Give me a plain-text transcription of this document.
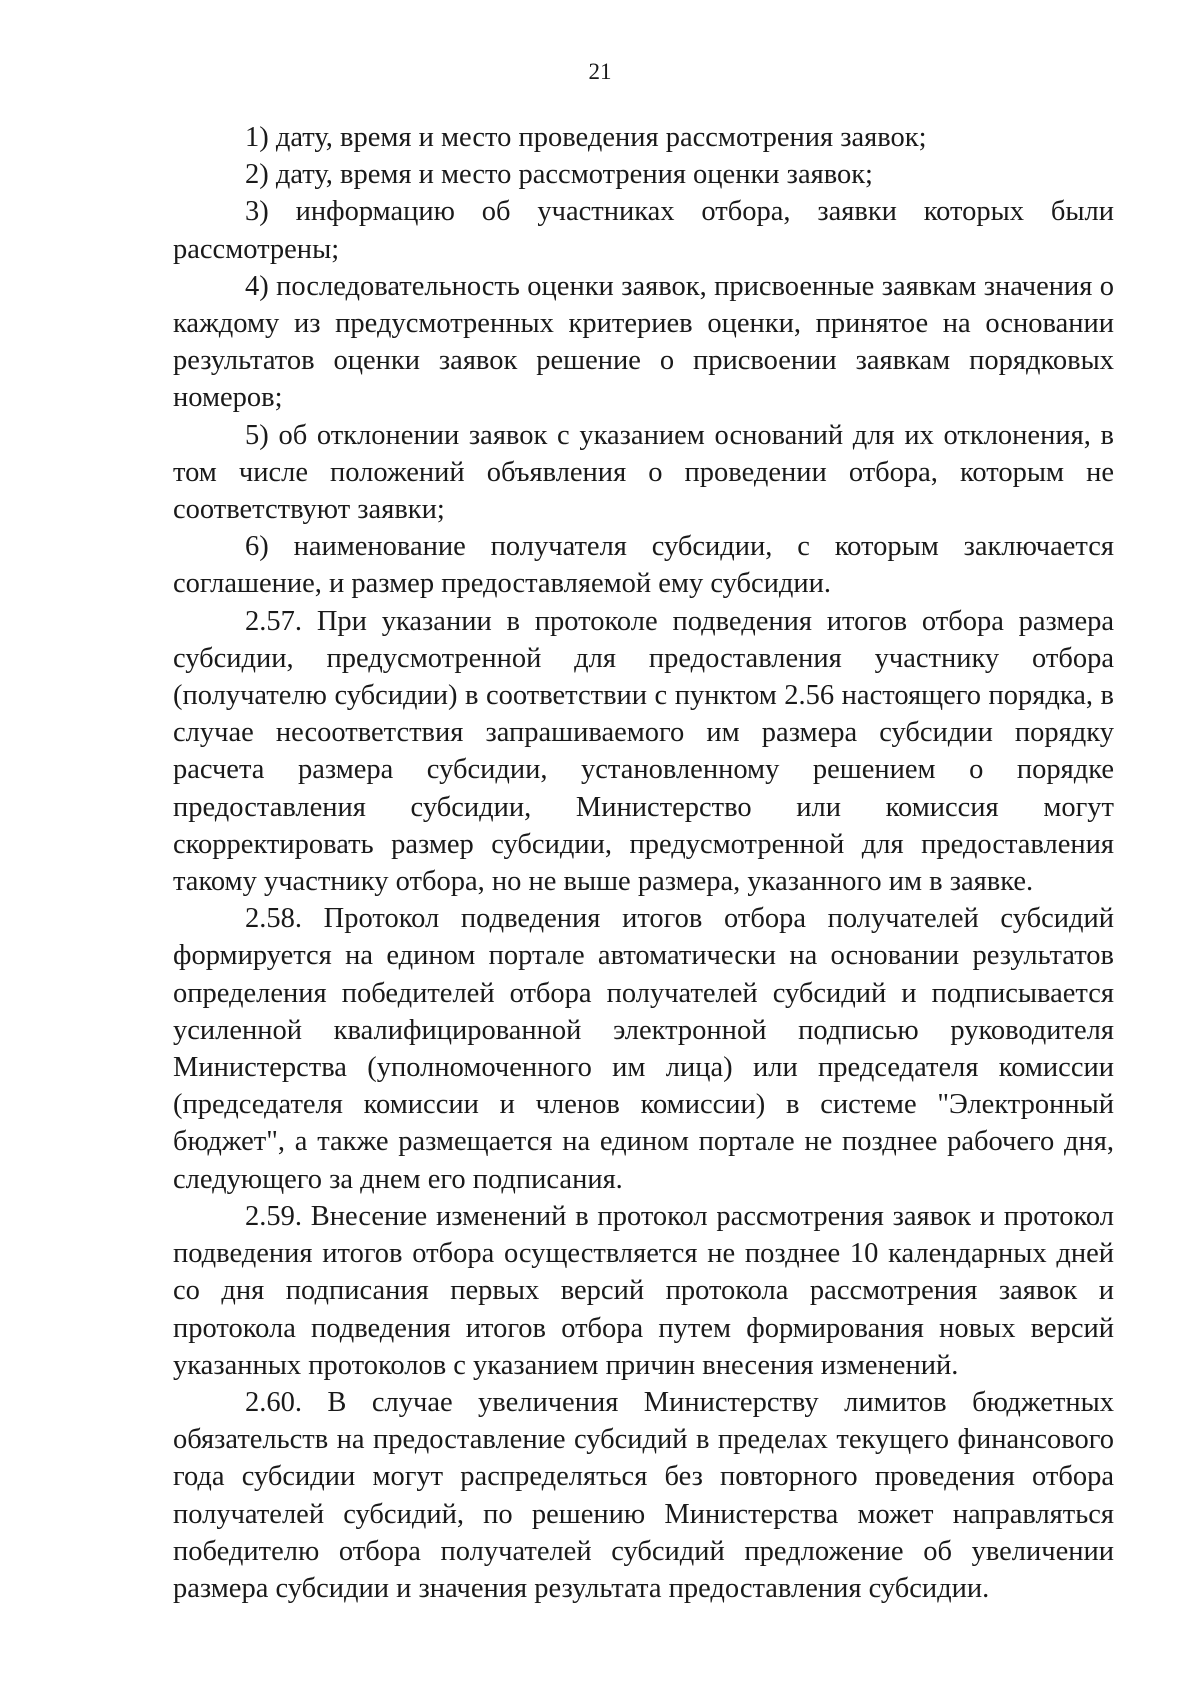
21

1) дату, время и место проведения рассмотрения заявок;

2) дату, время и место рассмотрения оценки заявок;

3) информацию об участниках отбора, заявки которых были рассмотрены;

4) последовательность оценки заявок, присвоенные заявкам значения о каждому из предусмотренных критериев оценки, принятое на основании результатов оценки заявок решение о присвоении заявкам порядковых номеров;

5) об отклонении заявок с указанием оснований для их отклонения, в том числе положений объявления о проведении отбора, которым не соответствуют заявки;

6) наименование получателя субсидии, с которым заключается соглашение, и размер предоставляемой ему субсидии.

2.57. При указании в протоколе подведения итогов отбора размера субсидии, предусмотренной для предоставления участнику отбора (получателю субсидии) в соответствии с пунктом 2.56 настоящего порядка, в случае несоответствия запрашиваемого им размера субсидии порядку расчета размера субсидии, установленному решением о порядке предоставления субсидии, Министерство или комиссия могут скорректировать размер субсидии, предусмотренной для предоставления такому участнику отбора, но не выше размера, указанного им в заявке.

2.58. Протокол подведения итогов отбора получателей субсидий формируется на едином портале автоматически на основании результатов определения победителей отбора получателей субсидий и подписывается усиленной квалифицированной электронной подписью руководителя Министерства (уполномоченного им лица) или председателя комиссии (председателя комиссии и членов комиссии) в системе "Электронный бюджет", а также размещается на едином портале не позднее рабочего дня, следующего за днем его подписания.

2.59. Внесение изменений в протокол рассмотрения заявок и протокол подведения итогов отбора осуществляется не позднее 10 календарных дней со дня подписания первых версий протокола рассмотрения заявок и протокола подведения итогов отбора путем формирования новых версий указанных протоколов с указанием причин внесения изменений.

2.60. В случае увеличения Министерству лимитов бюджетных обязательств на предоставление субсидий в пределах текущего финансового года субсидии могут распределяться без повторного проведения отбора получателей субсидий, по решению Министерства может направляться победителю отбора получателей субсидий предложение об увеличении размера субсидии и значения результата предоставления субсидии.
